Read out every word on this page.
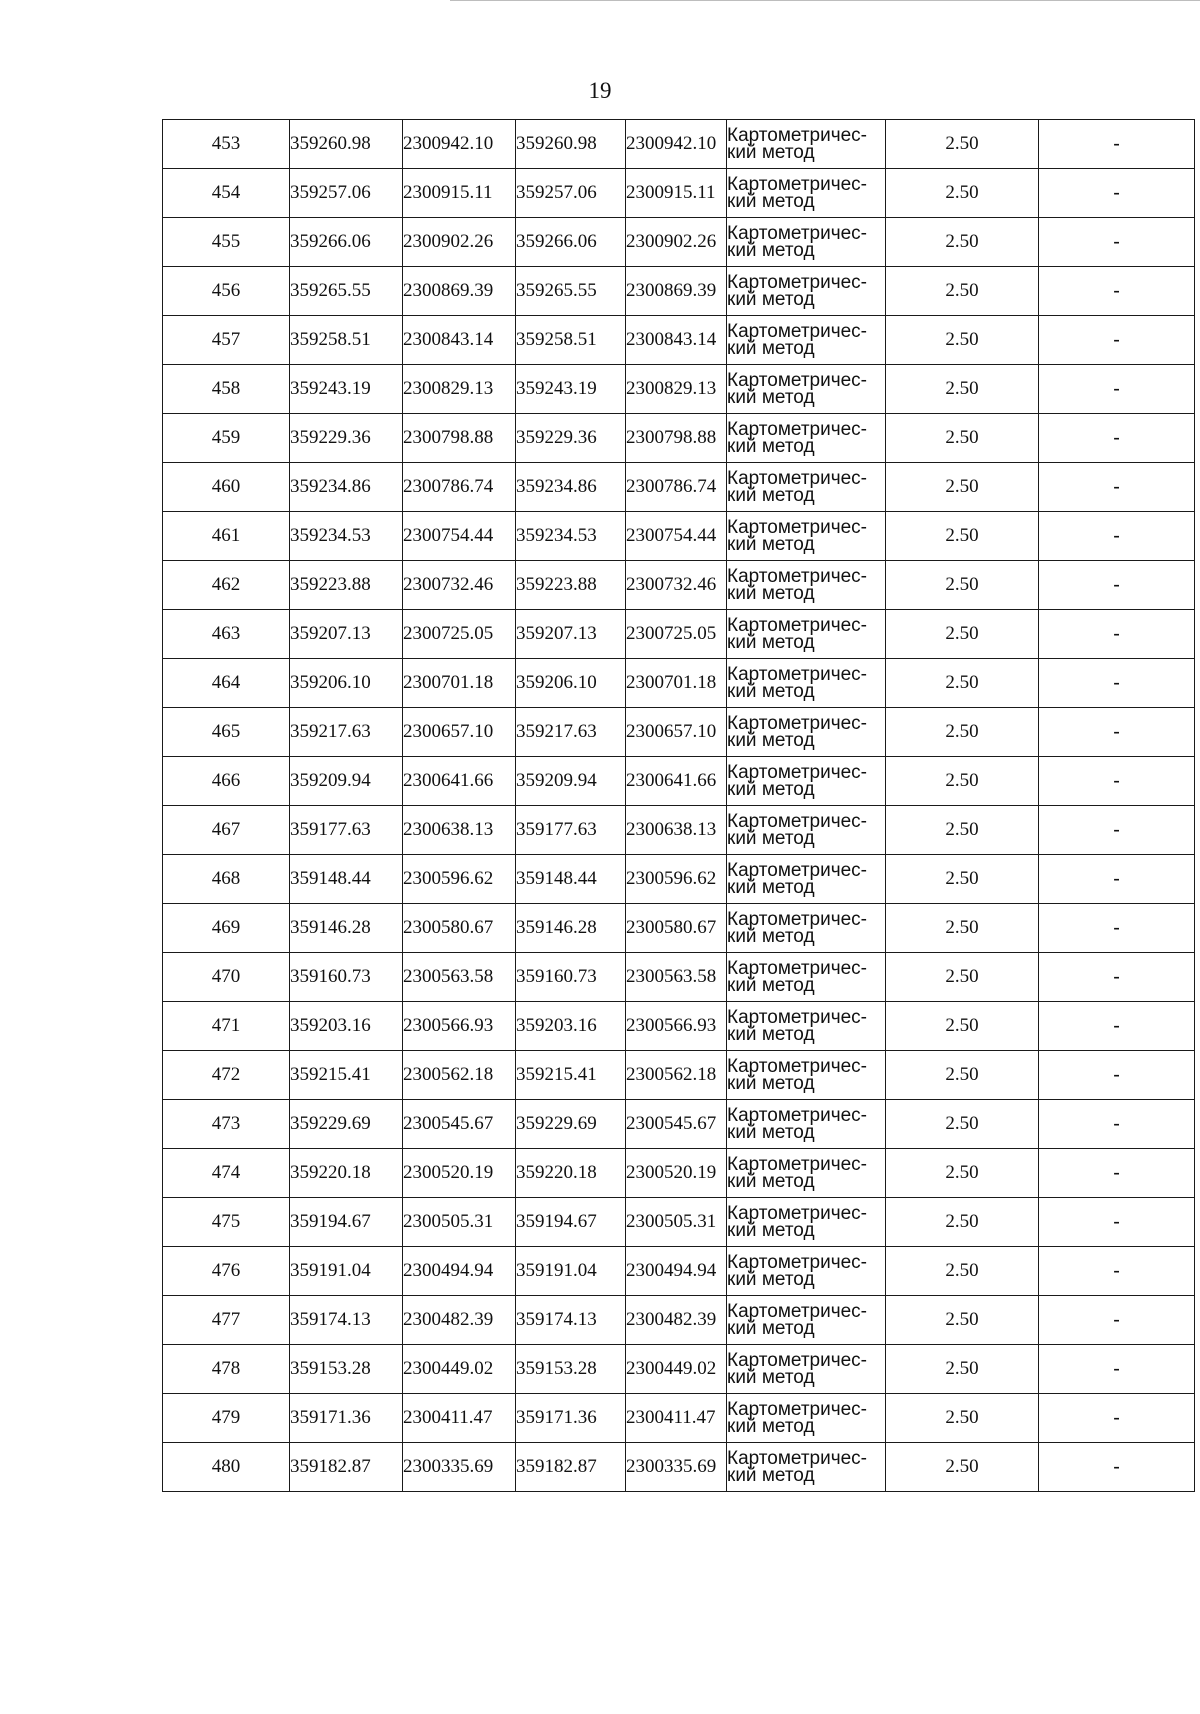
19
453	359260.98	2300942.10	359260.98	2300942.10	Картометричес-
кий метод	2.50	-
454	359257.06	2300915.11	359257.06	2300915.11	Картометричес-
кий метод	2.50	-
455	359266.06	2300902.26	359266.06	2300902.26	Картометричес-
кий метод	2.50	-
456	359265.55	2300869.39	359265.55	2300869.39	Картометричес-
кий метод	2.50	-
457	359258.51	2300843.14	359258.51	2300843.14	Картометричес-
кий метод	2.50	-
458	359243.19	2300829.13	359243.19	2300829.13	Картометричес-
кий метод	2.50	-
459	359229.36	2300798.88	359229.36	2300798.88	Картометричес-
кий метод	2.50	-
460	359234.86	2300786.74	359234.86	2300786.74	Картометричес-
кий метод	2.50	-
461	359234.53	2300754.44	359234.53	2300754.44	Картометричес-
кий метод	2.50	-
462	359223.88	2300732.46	359223.88	2300732.46	Картометричес-
кий метод	2.50	-
463	359207.13	2300725.05	359207.13	2300725.05	Картометричес-
кий метод	2.50	-
464	359206.10	2300701.18	359206.10	2300701.18	Картометричес-
кий метод	2.50	-
465	359217.63	2300657.10	359217.63	2300657.10	Картометричес-
кий метод	2.50	-
466	359209.94	2300641.66	359209.94	2300641.66	Картометричес-
кий метод	2.50	-
467	359177.63	2300638.13	359177.63	2300638.13	Картометричес-
кий метод	2.50	-
468	359148.44	2300596.62	359148.44	2300596.62	Картометричес-
кий метод	2.50	-
469	359146.28	2300580.67	359146.28	2300580.67	Картометричес-
кий метод	2.50	-
470	359160.73	2300563.58	359160.73	2300563.58	Картометричес-
кий метод	2.50	-
471	359203.16	2300566.93	359203.16	2300566.93	Картометричес-
кий метод	2.50	-
472	359215.41	2300562.18	359215.41	2300562.18	Картометричес-
кий метод	2.50	-
473	359229.69	2300545.67	359229.69	2300545.67	Картометричес-
кий метод	2.50	-
474	359220.18	2300520.19	359220.18	2300520.19	Картометричес-
кий метод	2.50	-
475	359194.67	2300505.31	359194.67	2300505.31	Картометричес-
кий метод	2.50	-
476	359191.04	2300494.94	359191.04	2300494.94	Картометричес-
кий метод	2.50	-
477	359174.13	2300482.39	359174.13	2300482.39	Картометричес-
кий метод	2.50	-
478	359153.28	2300449.02	359153.28	2300449.02	Картометричес-
кий метод	2.50	-
479	359171.36	2300411.47	359171.36	2300411.47	Картометричес-
кий метод	2.50	-
480	359182.87	2300335.69	359182.87	2300335.69	Картометричес-
кий метод	2.50	-
